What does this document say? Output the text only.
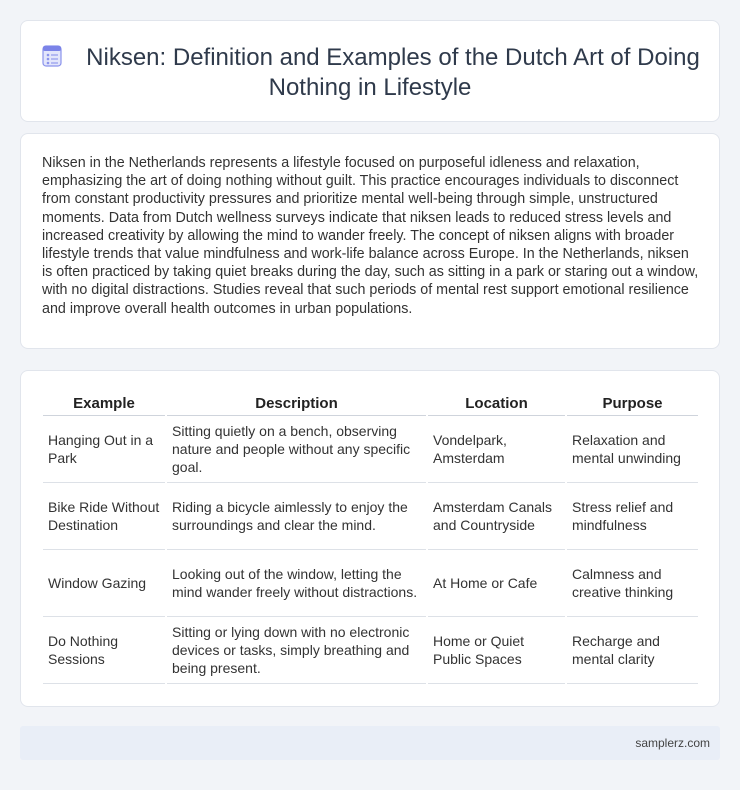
Niksen: Definition and Examples of the Dutch Art of Doing Nothing in Lifestyle

Niksen in the Netherlands represents a lifestyle focused on purposeful idleness and relaxation, emphasizing the art of doing nothing without guilt. This practice encourages individuals to disconnect from constant productivity pressures and prioritize mental well-being through simple, unstructured moments. Data from Dutch wellness surveys indicate that niksen leads to reduced stress levels and increased creativity by allowing the mind to wander freely. The concept of niksen aligns with broader lifestyle trends that value mindfulness and work-life balance across Europe. In the Netherlands, niksen is often practiced by taking quiet breaks during the day, such as sitting in a park or staring out a window, with no digital distractions. Studies reveal that such periods of mental rest support emotional resilience and improve overall health outcomes in urban populations.

Example	Description	Location	Purpose
Hanging Out in a Park	Sitting quietly on a bench, observing nature and people without any specific goal.	Vondelpark, Amsterdam	Relaxation and mental unwinding
Bike Ride Without Destination	Riding a bicycle aimlessly to enjoy the surroundings and clear the mind.	Amsterdam Canals and Countryside	Stress relief and mindfulness
Window Gazing	Looking out of the window, letting the mind wander freely without distractions.	At Home or Cafe	Calmness and creative thinking
Do Nothing Sessions	Sitting or lying down with no electronic devices or tasks, simply breathing and being present.	Home or Quiet Public Spaces	Recharge and mental clarity
samplerz.com
